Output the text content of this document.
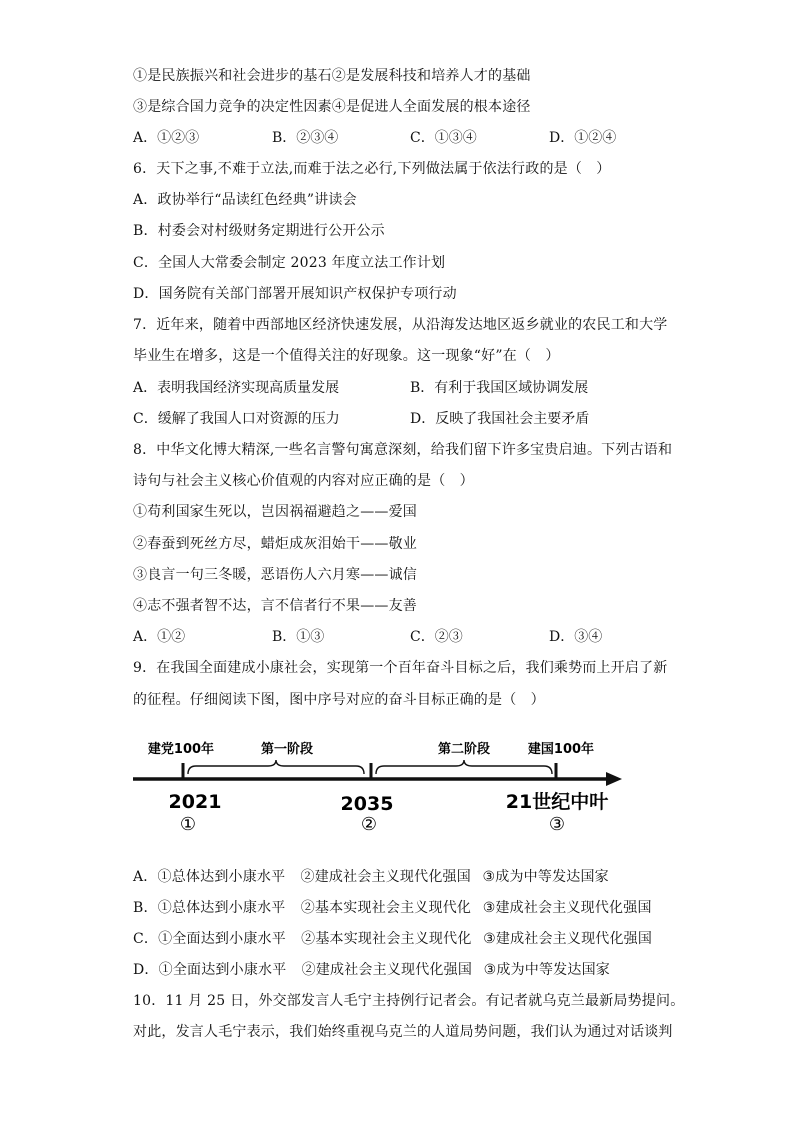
①是民族振兴和社会进步的基石②是发展科技和培养人才的基础
③是综合国力竞争的决定性因素④是促进人全面发展的根本途径
A．①②③	B．②③④	C．①③④	D．①②④
6．天下之事,不难于立法,而难于法之必行,下列做法属于依法行政的是（　）
A．政协举行“品读红色经典”讲读会
B．村委会对村级财务定期进行公开公示
C．全国人大常委会制定 2023 年度立法工作计划
D．国务院有关部门部署开展知识产权保护专项行动
7．近年来，随着中西部地区经济快速发展，从沿海发达地区返乡就业的农民工和大学
毕业生在增多，这是一个值得关注的好现象。这一现象“好”在（　）
A．表明我国经济实现高质量发展	B．有利于我国区域协调发展
C．缓解了我国人口对资源的压力	D．反映了我国社会主要矛盾
8．中华文化博大精深,一些名言警句寓意深刻，给我们留下许多宝贵启迪。下列古语和
诗句与社会主义核心价值观的内容对应正确的是（　）
①苟利国家生死以，岂因祸福避趋之——爱国
②春蚕到死丝方尽，蜡炬成灰泪始干——敬业
③良言一句三冬暖，恶语伤人六月寒——诚信
④志不强者智不达，言不信者行不果——友善
A．①②	B．①③	C．②③	D．③④
9．在我国全面建成小康社会，实现第一个百年奋斗目标之后，我们乘势而上开启了新
的征程。仔细阅读下图，图中序号对应的奋斗目标正确的是（　）
建党100年	第一阶段	第二阶段	建国100年
2021	2035	21世纪中叶
①	②	③
A．①总体达到小康水平 ②建成社会主义现代化强国 ③成为中等发达国家
B．①总体达到小康水平 ②基本实现社会主义现代化 ③建成社会主义现代化强国
C．①全面达到小康水平 ②基本实现社会主义现代化 ③建成社会主义现代化强国
D．①全面达到小康水平 ②建成社会主义现代化强国 ③成为中等发达国家
10．11 月 25 日，外交部发言人毛宁主持例行记者会。有记者就乌克兰最新局势提问。
对此，发言人毛宁表示，我们始终重视乌克兰的人道局势问题，我们认为通过对话谈判
